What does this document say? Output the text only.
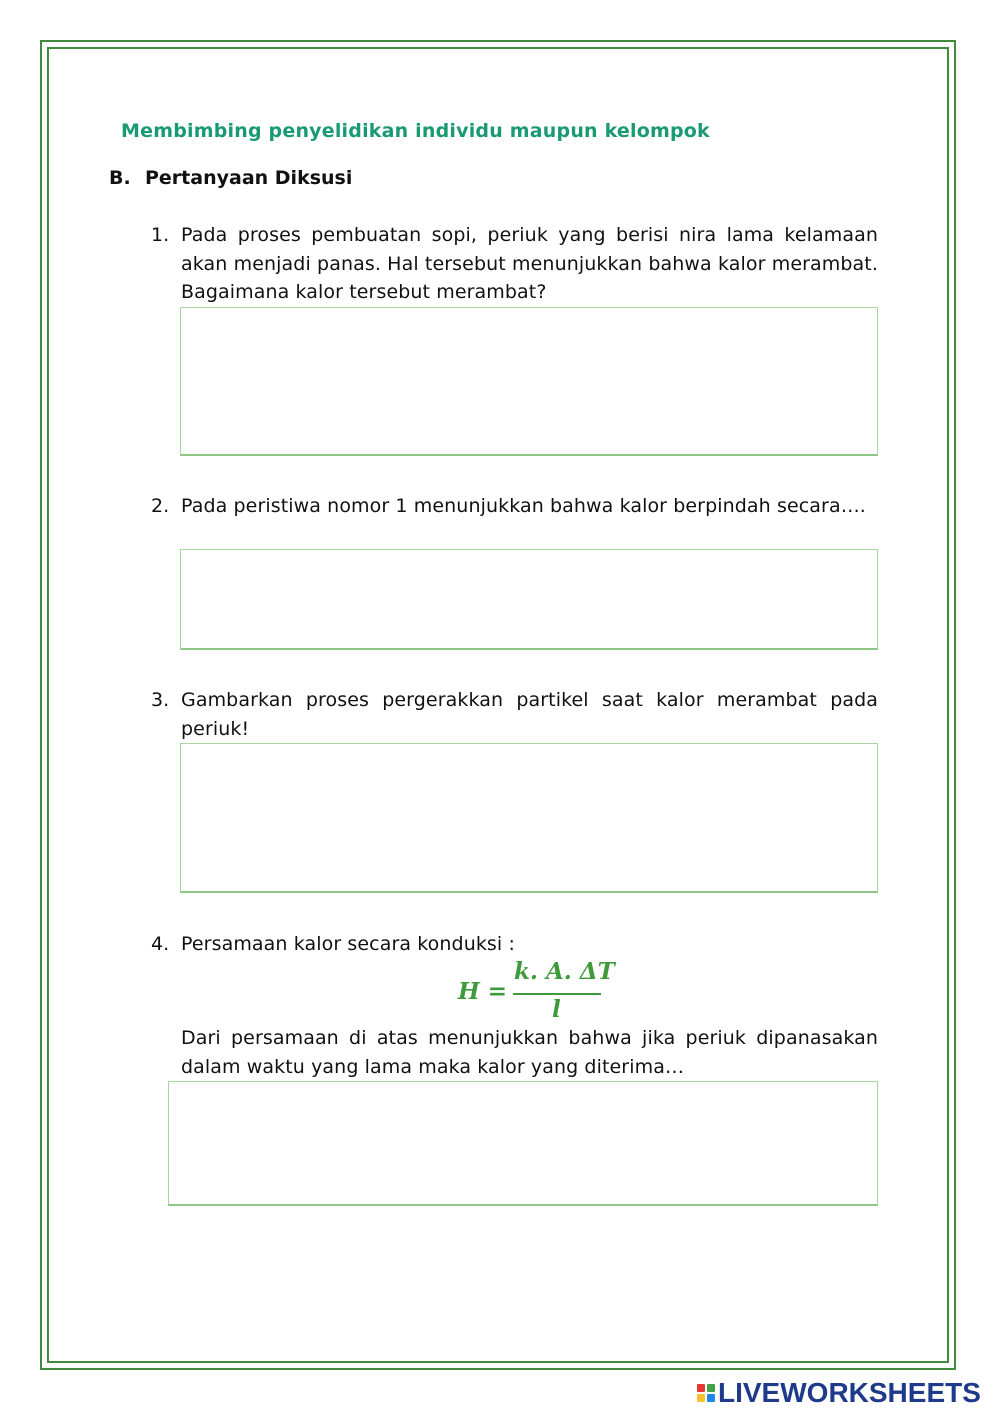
Membimbing penyelidikan individu maupun kelompok
B. Pertanyaan Diksusi
1. Pada proses pembuatan sopi, periuk yang berisi nira lama kelamaan akan menjadi panas. Hal tersebut menunjukkan bahwa kalor merambat. Bagaimana kalor tersebut merambat?
2. Pada peristiwa nomor 1 menunjukkan bahwa kalor berpindah secara….
3. Gambarkan proses pergerakkan partikel saat kalor merambat pada periuk!
4. Persamaan kalor secara konduksi :
H =
k. A. ΔT
l
Dari persamaan di atas menunjukkan bahwa jika periuk dipanasakan dalam waktu yang lama maka kalor yang diterima…
LIVEWORKSHEETS
